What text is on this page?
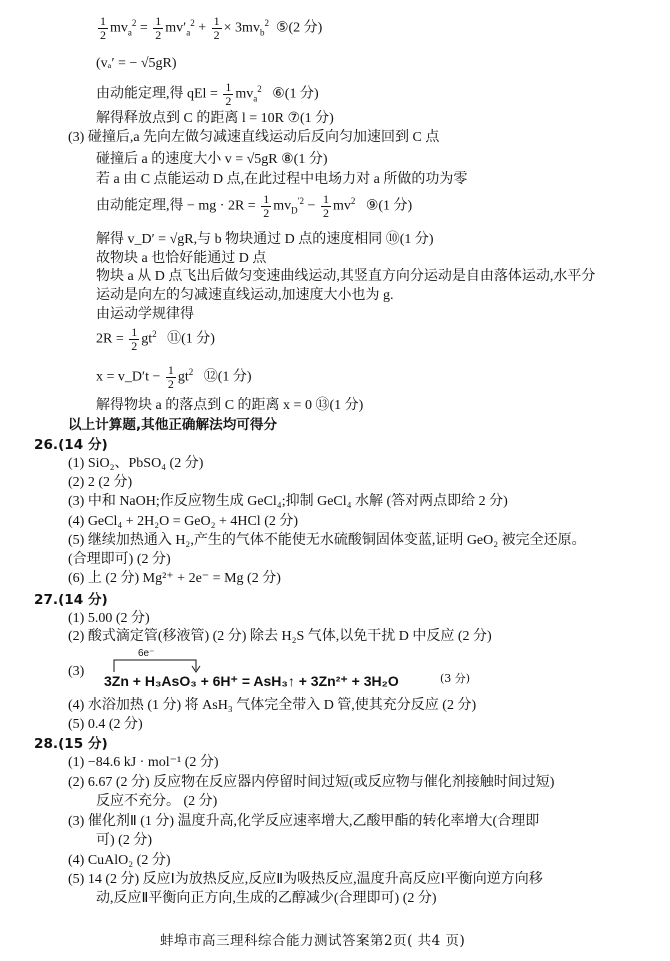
$\frac{1}{2} mv_a^2 = \frac{1}{2} mv'_a^2 + \frac{1}{2} \times 3mv_b^2$ ⑤(2 分)
(vₐ′ = − √5gR)
由动能定理,得 qEl = $\frac{1}{2} mv_a^2$ ⑥(1 分)
解得释放点到 C 的距离 l = 10R ⑦(1 分)
(3) 碰撞后,a 先向左做匀减速直线运动后反向匀加速回到 C 点
碰撞后 a 的速度大小 v = √5gR ⑧(1 分)
若 a 由 C 点能运动 D 点,在此过程中电场力对 a 所做的功为零
由动能定理,得 − mg · $2R = \frac{1}{2} mv_D^{'2} - \frac{1}{2} mv^2$ ⑨(1 分)
解得 v_D′ = √gR,与 b 物块通过 D 点的速度相同 ⑩(1 分)
故物块 a 也恰好能通过 D 点
物块 a 从 D 点飞出后做匀变速曲线运动,其竖直方向分运动是自由落体运动,水平分
运动是向左的匀减速直线运动,加速度大小也为 g.
由运动学规律得
$2R = \frac{1}{2} gt^2$ ⑪(1 分)
x = v_D′t − $\frac{1}{2} gt^2$ ⑫(1 分)
解得物块 a 的落点到 C 的距离 x = 0 ⑬(1 分)
以上计算题,其他正确解法均可得分
26.(14 分)
(1) SiO₂、PbSO₄ (2 分)
(2) 2 (2 分)
(3) 中和 NaOH;作反应物生成 GeCl₄;抑制 GeCl₄ 水解 (答对两点即给 2 分)
(4) GeCl₄ + 2H₂O = GeO₂ + 4HCl (2 分)
(5) 继续加热通入 H₂,产生的气体不能使无水硫酸铜固体变蓝,证明 GeO₂ 被完全还原。
(合理即可) (2 分)
(6) 上 (2 分) Mg²⁺ + 2e⁻ = Mg (2 分)
27.(14 分)
(1) 5.00 (2 分)
(2) 酸式滴定管(移液管) (2 分) 除去 H₂S 气体,以免干扰 D 中反应 (2 分)
(3)
6e⁻
3Zn + H₃AsO₃ + 6H⁺ = AsH₃↑ + 3Zn²⁺ + 3H₂O	(3 分)
(4) 水浴加热 (1 分) 将 AsH₃ 气体完全带入 D 管,使其充分反应 (2 分)
(5) 0.4 (2 分)
28.(15 分)
(1) −84.6 kJ · mol⁻¹ (2 分)
(2) 6.67 (2 分) 反应物在反应器内停留时间过短(或反应物与催化剂接触时间过短)
反应不充分。 (2 分)
(3) 催化剂Ⅱ (1 分) 温度升高,化学反应速率增大,乙酸甲酯的转化率增大(合理即
可) (2 分)
(4) CuAlO₂ (2 分)
(5) 14 (2 分) 反应Ⅰ为放热反应,反应Ⅱ为吸热反应,温度升高反应Ⅰ平衡向逆方向移
动,反应Ⅱ平衡向正方向,生成的乙醇减少(合理即可) (2 分)
蚌埠市高三理科综合能力测试答案第2页( 共4 页)
